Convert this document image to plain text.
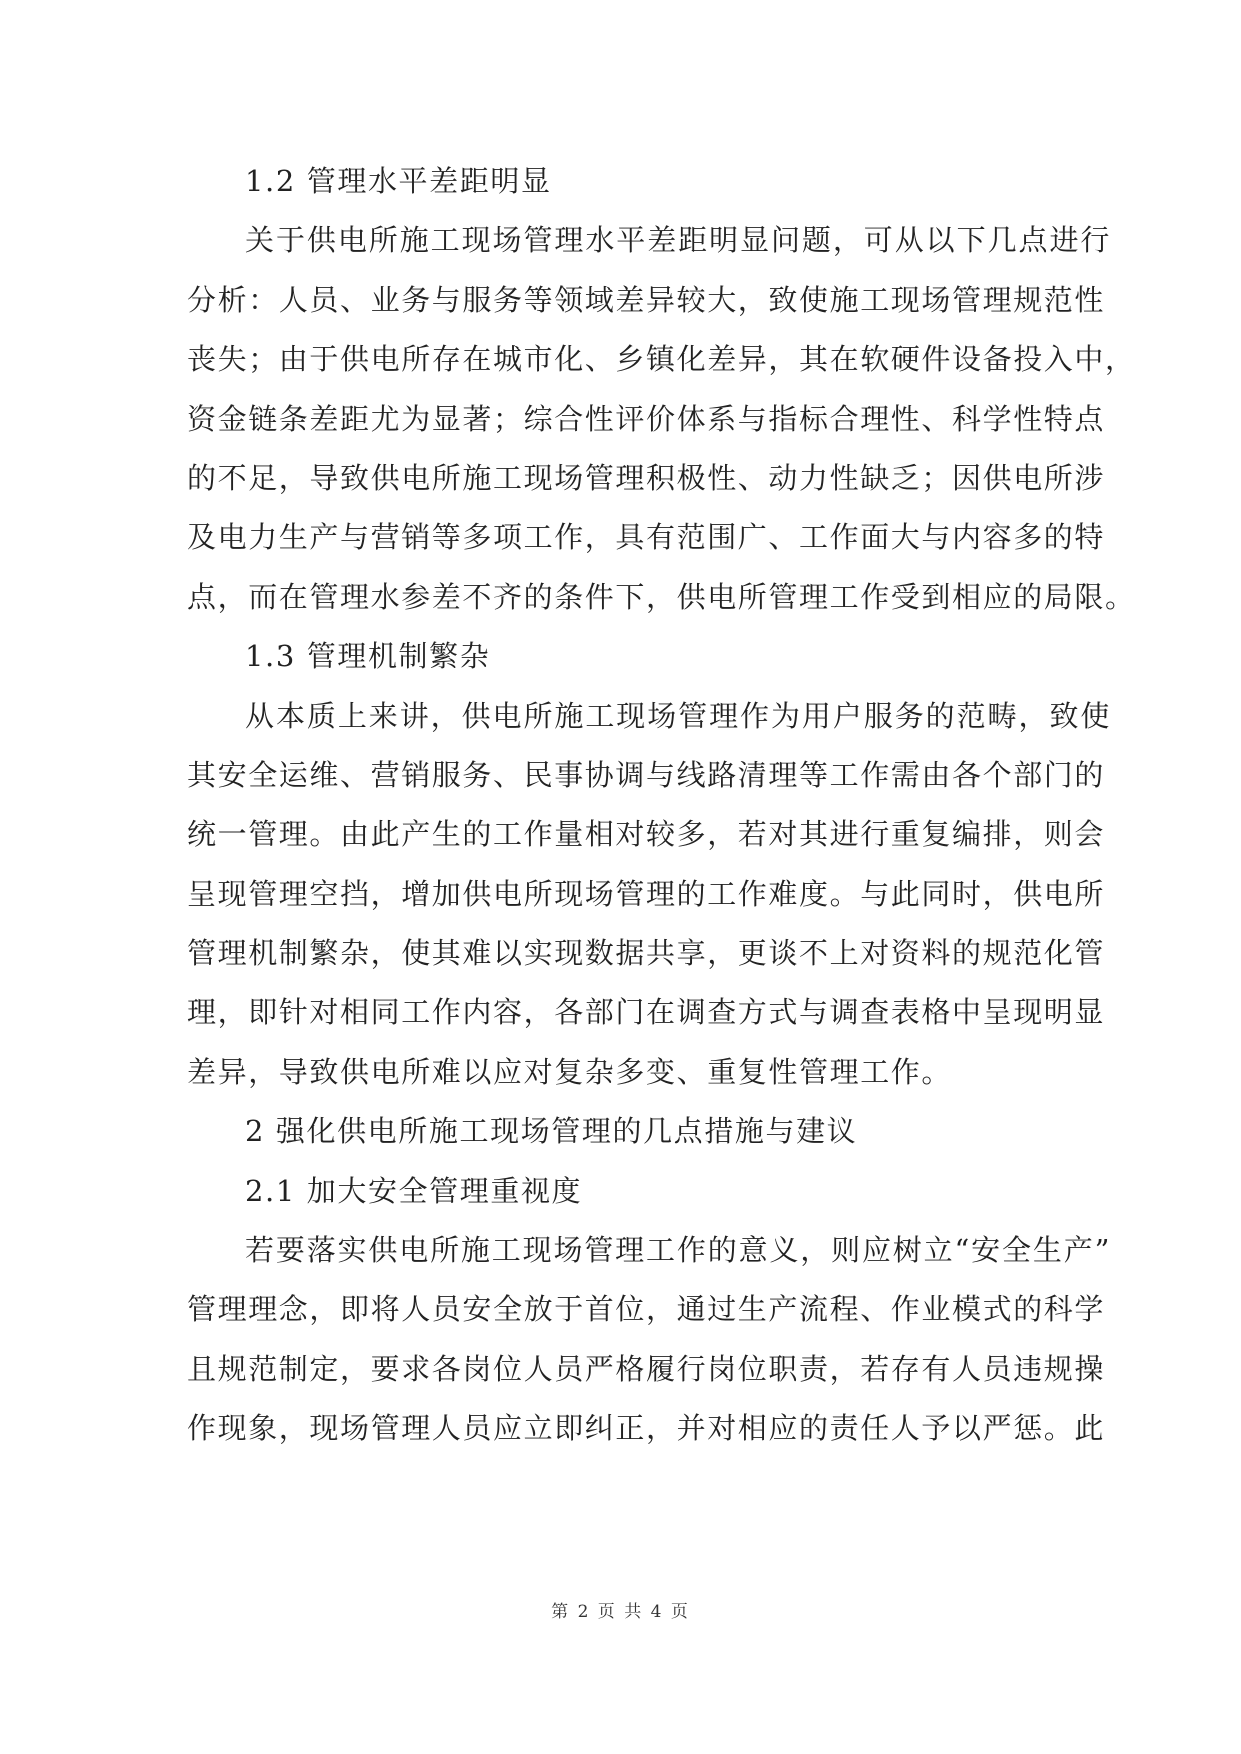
1.2 管理水平差距明显
关于供电所施工现场管理水平差距明显问题，可从以下几点进行
分析：人员、业务与服务等领域差异较大，致使施工现场管理规范性
丧失；由于供电所存在城市化、乡镇化差异，其在软硬件设备投入中，
资金链条差距尤为显著；综合性评价体系与指标合理性、科学性特点
的不足，导致供电所施工现场管理积极性、动力性缺乏；因供电所涉
及电力生产与营销等多项工作，具有范围广、工作面大与内容多的特
点，而在管理水参差不齐的条件下，供电所管理工作受到相应的局限。
1.3 管理机制繁杂
从本质上来讲，供电所施工现场管理作为用户服务的范畴，致使
其安全运维、营销服务、民事协调与线路清理等工作需由各个部门的
统一管理。由此产生的工作量相对较多，若对其进行重复编排，则会
呈现管理空挡，增加供电所现场管理的工作难度。与此同时，供电所
管理机制繁杂，使其难以实现数据共享，更谈不上对资料的规范化管
理，即针对相同工作内容，各部门在调查方式与调查表格中呈现明显
差异，导致供电所难以应对复杂多变、重复性管理工作。
2 强化供电所施工现场管理的几点措施与建议
2.1 加大安全管理重视度
若要落实供电所施工现场管理工作的意义，则应树立“安全生产”
管理理念，即将人员安全放于首位，通过生产流程、作业模式的科学
且规范制定，要求各岗位人员严格履行岗位职责，若存有人员违规操
作现象，现场管理人员应立即纠正，并对相应的责任人予以严惩。此
第 2 页 共 4 页
